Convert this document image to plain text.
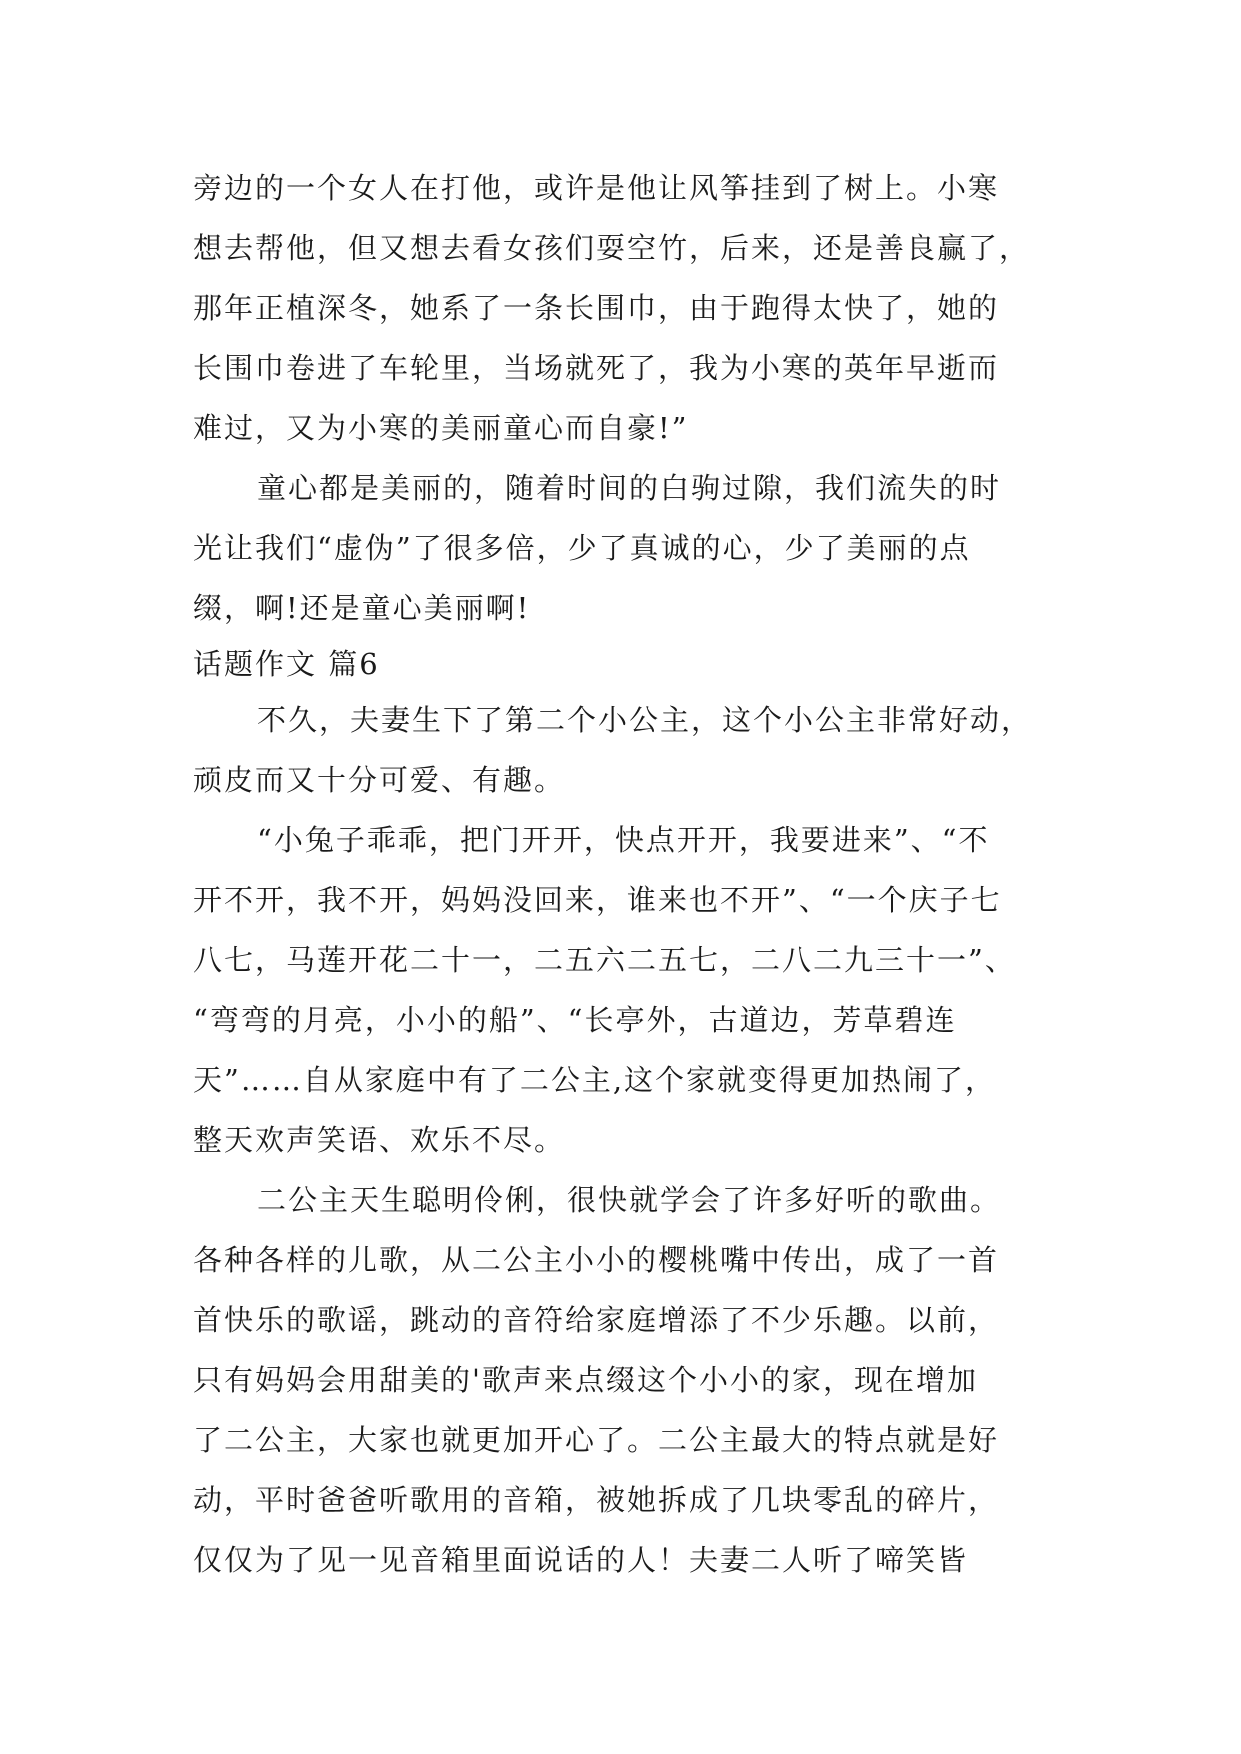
旁边的一个女人在打他，或许是他让风筝挂到了树上。小寒
想去帮他，但又想去看女孩们耍空竹，后来，还是善良赢了，
那年正植深冬，她系了一条长围巾，由于跑得太快了，她的
长围巾卷进了车轮里，当场就死了，我为小寒的英年早逝而
难过，又为小寒的美丽童心而自豪!”
童心都是美丽的，随着时间的白驹过隙，我们流失的时
光让我们“虚伪”了很多倍，少了真诚的心，少了美丽的点
缀，啊!还是童心美丽啊!
话题作文 篇6
不久，夫妻生下了第二个小公主，这个小公主非常好动，
顽皮而又十分可爱、有趣。
“小兔子乖乖，把门开开，快点开开，我要进来”、“不
开不开，我不开，妈妈没回来，谁来也不开”、“一个庆子七
八七，马莲开花二十一，二五六二五七，二八二九三十一”、
“弯弯的月亮，小小的船”、“长亭外，古道边，芳草碧连
天”……自从家庭中有了二公主,这个家就变得更加热闹了，
整天欢声笑语、欢乐不尽。
二公主天生聪明伶俐，很快就学会了许多好听的歌曲。
各种各样的儿歌，从二公主小小的樱桃嘴中传出，成了一首
首快乐的歌谣，跳动的音符给家庭增添了不少乐趣。以前，
只有妈妈会用甜美的'歌声来点缀这个小小的家，现在增加
了二公主，大家也就更加开心了。二公主最大的特点就是好
动，平时爸爸听歌用的音箱，被她拆成了几块零乱的碎片，
仅仅为了见一见音箱里面说话的人！夫妻二人听了啼笑皆
